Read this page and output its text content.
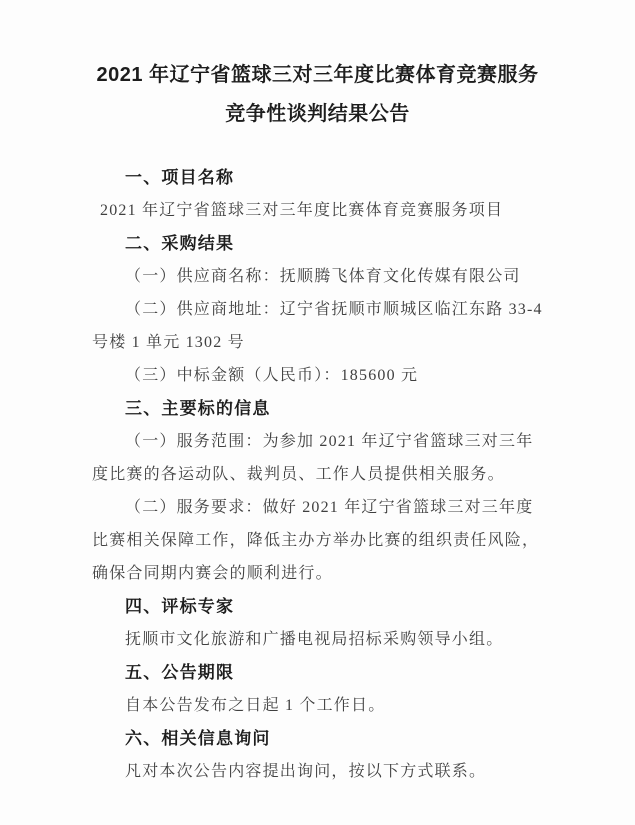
2021 年辽宁省篮球三对三年度比赛体育竞赛服务
竞争性谈判结果公告
一、项目名称
2021 年辽宁省篮球三对三年度比赛体育竞赛服务项目
二、采购结果
（一）供应商名称：抚顺腾飞体育文化传媒有限公司
（二）供应商地址：辽宁省抚顺市顺城区临江东路 33-4
号楼 1 单元 1302 号
（三）中标金额（人民币）：185600 元
三、主要标的信息
（一）服务范围：为参加 2021 年辽宁省篮球三对三年
度比赛的各运动队、裁判员、工作人员提供相关服务。
（二）服务要求：做好 2021 年辽宁省篮球三对三年度
比赛相关保障工作，降低主办方举办比赛的组织责任风险，
确保合同期内赛会的顺利进行。
四、评标专家
抚顺市文化旅游和广播电视局招标采购领导小组。
五、公告期限
自本公告发布之日起 1 个工作日。
六、相关信息询问
凡对本次公告内容提出询问，按以下方式联系。
